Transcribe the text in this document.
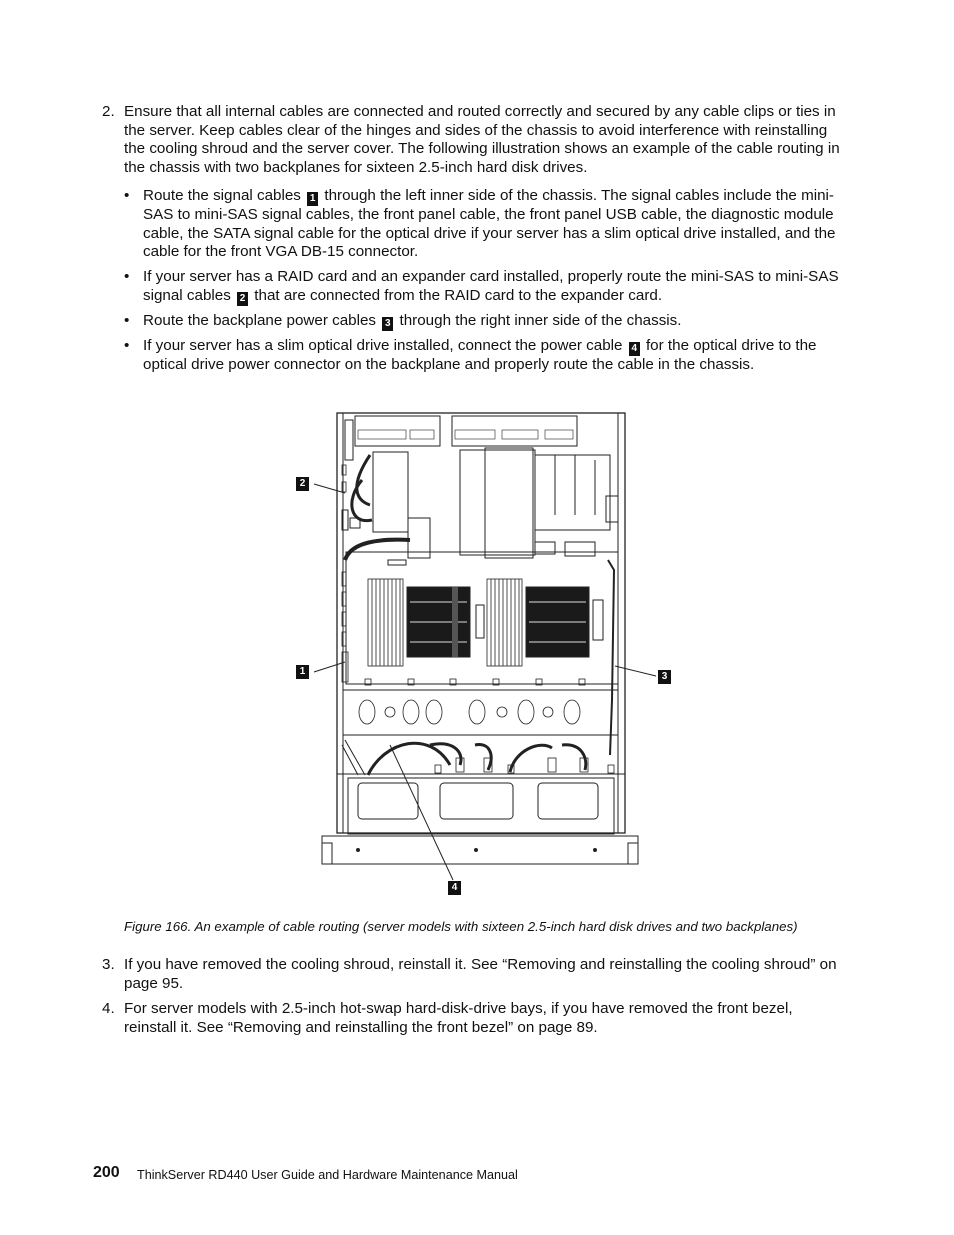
2. Ensure that all internal cables are connected and routed correctly and secured by any cable clips or ties in the server. Keep cables clear of the hinges and sides of the chassis to avoid interference with reinstalling the cooling shroud and the server cover. The following illustration shows an example of the cable routing in the chassis with two backplanes for sixteen 2.5-inch hard disk drives.
• Route the signal cables 1 through the left inner side of the chassis. The signal cables include the mini-SAS to mini-SAS signal cables, the front panel cable, the front panel USB cable, the diagnostic module cable, the SATA signal cable for the optical drive if your server has a slim optical drive installed, and the cable for the front VGA DB-15 connector.
• If your server has a RAID card and an expander card installed, properly route the mini-SAS to mini-SAS signal cables 2 that are connected from the RAID card to the expander card.
• Route the backplane power cables 3 through the right inner side of the chassis.
• If your server has a slim optical drive installed, connect the power cable 4 for the optical drive to the optical drive power connector on the backplane and properly route the cable in the chassis.
2
1	3
4
Figure 166. An example of cable routing (server models with sixteen 2.5-inch hard disk drives and two backplanes)
3. If you have removed the cooling shroud, reinstall it. See “Removing and reinstalling the cooling shroud” on page 95.
4. For server models with 2.5-inch hot-swap hard-disk-drive bays, if you have removed the front bezel, reinstall it. See “Removing and reinstalling the front bezel” on page 89.
200 ThinkServer RD440 User Guide and Hardware Maintenance Manual
